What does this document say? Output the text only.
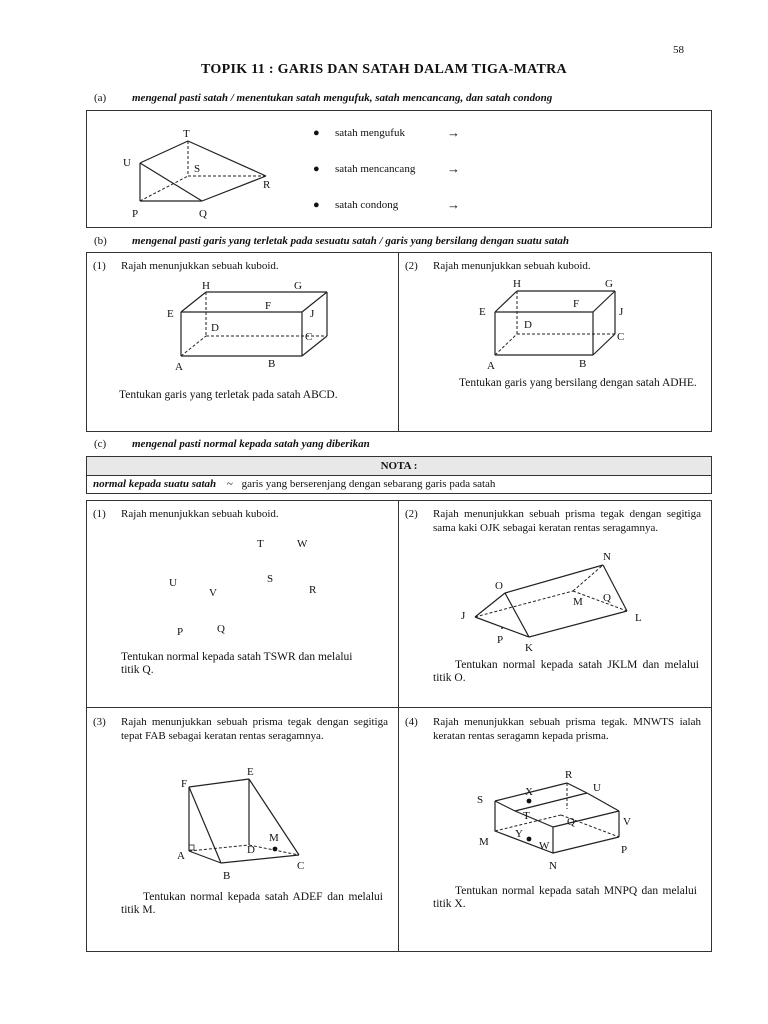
58
TOPIK 11 : GARIS DAN SATAH DALAM TIGA-MATRA
(a) mengenal pasti satah / menentukan satah mengufuk, satah mencancang, dan satah condong
T
U	S
R
P	Q
● satah mengufuk	→
● satah mencancang →
● satah condong	→
(b) mengenal pasti garis yang terletak pada sesuatu satah / garis yang bersilang dengan suatu satah
(1) Rajah menunjukkan sebuah kuboid.
H	G
E
F
J
D
C
A	B
Tentukan garis yang terletak pada satah ABCD.
(2) Rajah menunjukkan sebuah kuboid.
H	G
E
F
J
D
C
A	B
Tentukan garis yang bersilang dengan satah ADHE.
(c) mengenal pasti normal kepada satah yang diberikan
NOTA :
normal kepada suatu satah ~ garis yang berserenjang dengan sebarang garis pada satah
(1) Rajah menunjukkan sebuah kuboid.
T	W
U	S
V	R
P	Q
Tentukan normal kepada satah TSWR dan melalui titik Q.
(2) Rajah menunjukkan sebuah prisma tegak dengan segitiga sama kaki OJK sebagai keratan rentas seragamnya.
N
O
Q
M
J	L
P
K
Tentukan normal kepada satah JKLM dan melalui titik O.
(3) Rajah menunjukkan sebuah prisma tegak dengan segitiga tepat FAB sebagai keratan rentas seragamnya.
F
E
M
D
A
C
B
Tentukan normal kepada satah ADEF dan melalui titik M.
(4) Rajah menunjukkan sebuah prisma tegak. MNWTS ialah keratan rentas seragamn kepada prisma.
X
R
U
S
T	Q	V
Y
M	W	P
N
Tentukan normal kepada satah MNPQ dan melalui titik X.
